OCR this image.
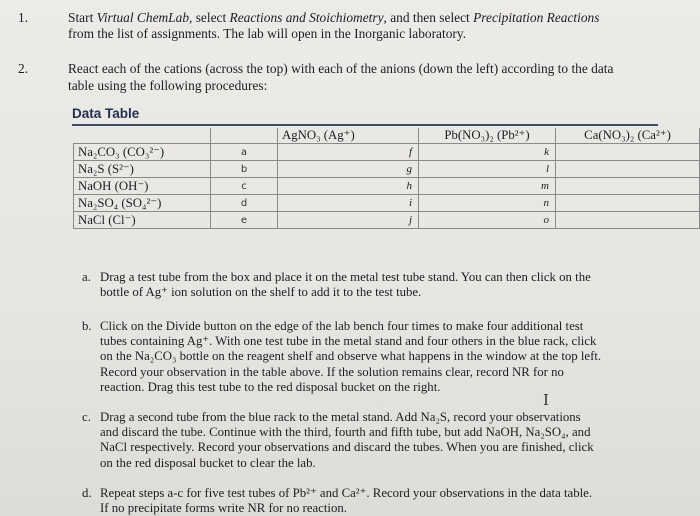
1.	Start Virtual ChemLab, select Reactions and Stoichiometry, and then select Precipitation Reactions
from the list of assignments. The lab will open in the Inorganic laboratory.
2.	React each of the cations (across the top) with each of the anions (down the left) according to the data
table using the following procedures:
Data Table
		AgNO₃ (Ag⁺)	Pb(NO₃)₂ (Pb²⁺)	Ca(NO₃)₂ (Ca²⁺)
Na₂CO₃ (CO₃²⁻)	a	f	k	
Na₂S (S²⁻)	b	g	l	
NaOH (OH⁻)	c	h	m	
Na₂SO₄ (SO₄²⁻)	d	i	n	
NaCl (Cl⁻)	e	j	o	
a. Drag a test tube from the box and place it on the metal test tube stand. You can then click on the
bottle of Ag⁺ ion solution on the shelf to add it to the test tube.
b. Click on the Divide button on the edge of the lab bench four times to make four additional test
tubes containing Ag⁺. With one test tube in the metal stand and four others in the blue rack, click
on the Na₂CO₃ bottle on the reagent shelf and observe what happens in the window at the top left.
Record your observation in the table above. If the solution remains clear, record NR for no
reaction. Drag this test tube to the red disposal bucket on the right.
I
c. Drag a second tube from the blue rack to the metal stand. Add Na₂S, record your observations
and discard the tube. Continue with the third, fourth and fifth tube, but add NaOH, Na₂SO₄, and
NaCl respectively. Record your observations and discard the tubes. When you are finished, click
on the red disposal bucket to clear the lab.
d. Repeat steps a-c for five test tubes of Pb²⁺ and Ca²⁺. Record your observations in the data table.
If no precipitate forms write NR for no reaction.
